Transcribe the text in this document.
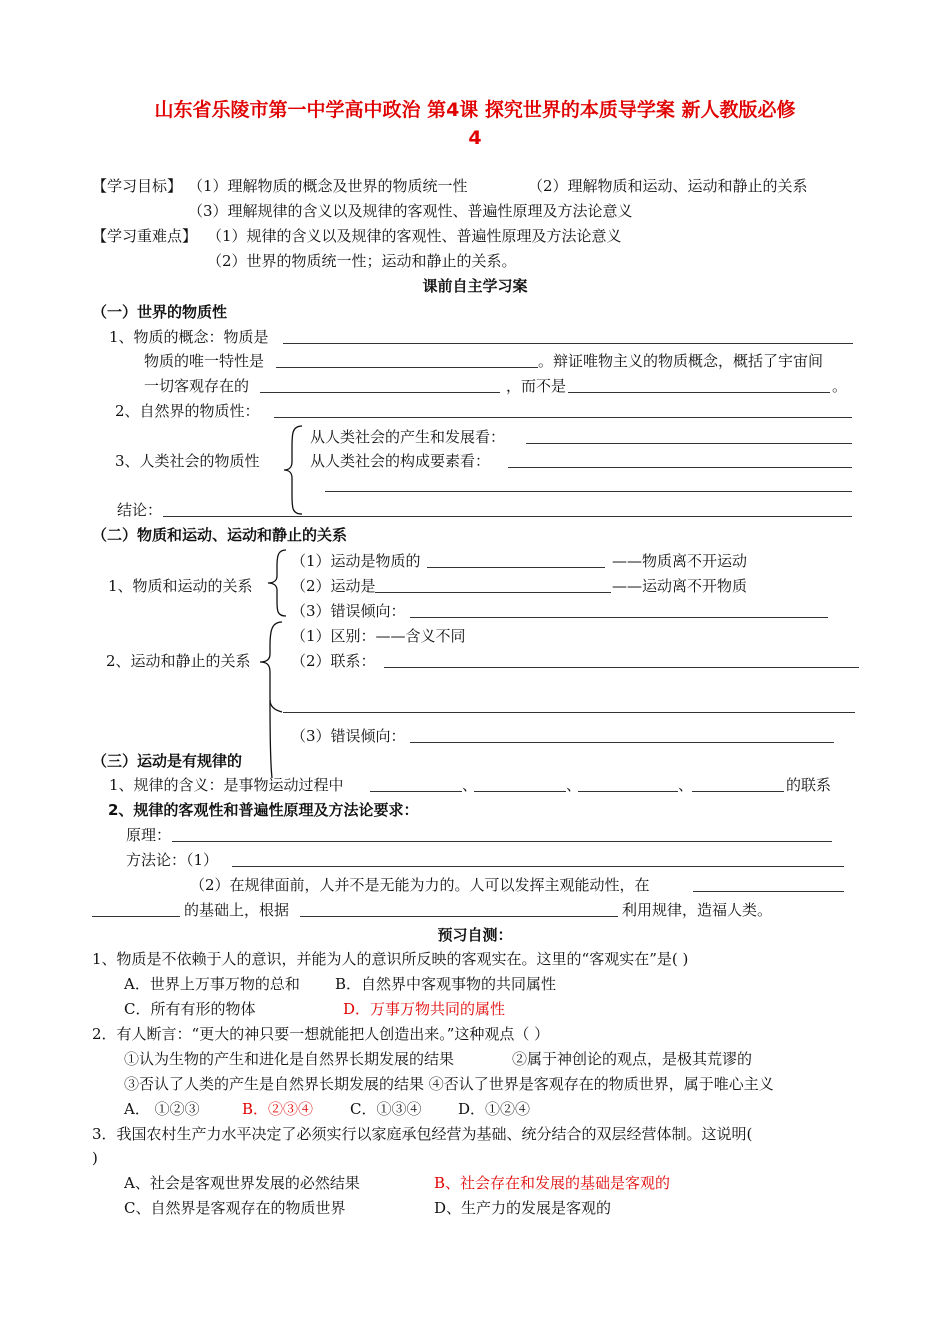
山东省乐陵市第一中学高中政治 第4课 探究世界的本质导学案 新人教版必修
4
【学习目标】 （1）理解物质的概念及世界的物质统一性	（2）理解物质和运动、运动和静止的关系
（3）理解规律的含义以及规律的客观性、普遍性原理及方法论意义
【学习重难点】 （1）规律的含义以及规律的客观性、普遍性原理及方法论意义
（2）世界的物质统一性；运动和静止的关系。
课前自主学习案
（一）世界的物质性
1、物质的概念：物质是
物质的唯一特性是	。辩证唯物主义的物质概念，概括了宇宙间
一切客观存在的	，而不是	。
2、自然界的物质性：
从人类社会的产生和发展看：
3、人类社会的物质性	从人类社会的构成要素看：
结论：
（二）物质和运动、运动和静止的关系
（1）运动是物质的	——物质离不开运动
1、物质和运动的关系	（2）运动是	——运动离不开物质
（3）错误倾向：
（1）区别：——含义不同
2、运动和静止的关系	（2）联系：
（3）错误倾向：
（三）运动是有规律的
1、规律的含义：是事物运动过程中	、	、	、	的联系
2、规律的客观性和普遍性原理及方法论要求：
原理：
方法论：（1）
（2）在规律面前，人并不是无能为力的。人可以发挥主观能动性，在
的基础上，根据	利用规律，造福人类。
预习自测：
1、物质是不依赖于人的意识，并能为人的意识所反映的客观实在。这里的“客观实在”是( )
A．世界上万事万物的总和 B．自然界中客观事物的共同属性
C．所有有形的物体	D．万事万物共同的属性
2．有人断言：“更大的神只要一想就能把人创造出来。”这种观点（ ）
①认为生物的产生和进化是自然界长期发展的结果	②属于神创论的观点，是极其荒谬的
③否认了人类的产生是自然界长期发展的结果 ④否认了世界是客观存在的物质世界，属于唯心主义
A． ①②③	B．②③④ C．①③④ D．①②④
3．我国农村生产力水平决定了必须实行以家庭承包经营为基础、统分结合的双层经营体制。这说明(
)
A、社会是客观世界发展的必然结果	B、社会存在和发展的基础是客观的
C、自然界是客观存在的物质世界	D、生产力的发展是客观的
